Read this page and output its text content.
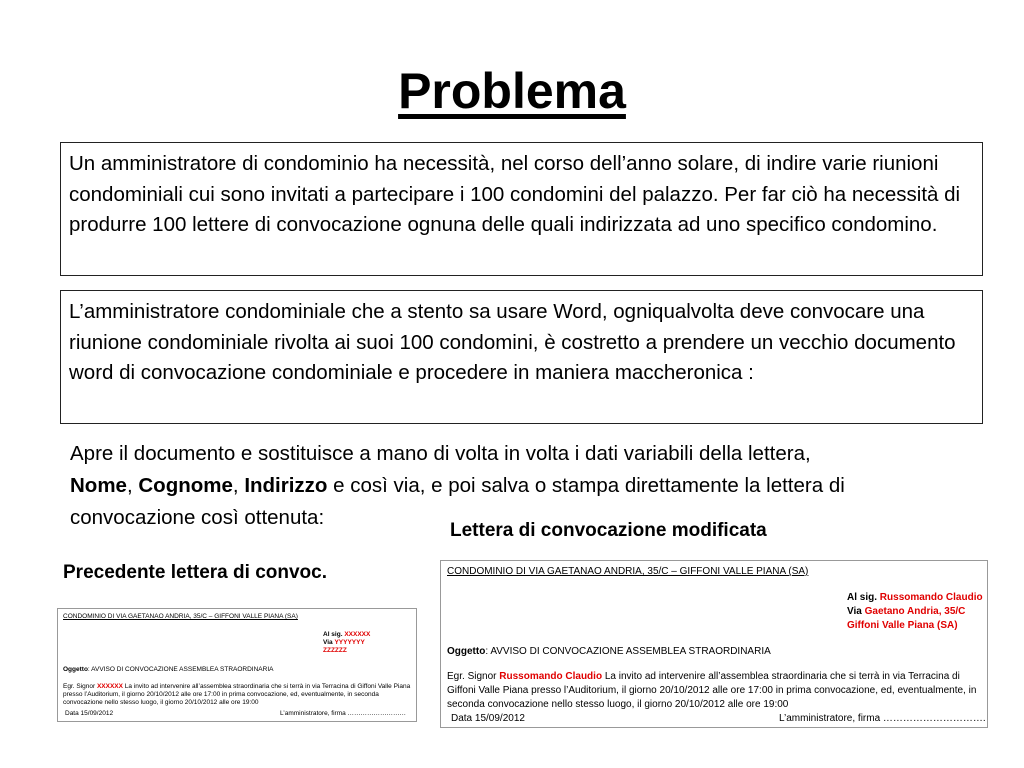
Problema
Un amministratore di condominio ha necessità, nel corso dell’anno solare, di indire varie riunioni condominiali cui sono invitati a partecipare i 100 condomini del palazzo. Per far ciò ha necessità di produrre 100 lettere di convocazione ognuna delle quali indirizzata ad uno specifico condomino.
L’amministratore condominiale che a stento sa usare Word, ogniqualvolta deve convocare una riunione condominiale rivolta ai suoi 100 condomini, è costretto a prendere un vecchio documento word di convocazione condominiale e procedere in maniera maccheronica :
Apre il documento e sostituisce a mano di volta in volta i dati variabili della lettera,
Nome, Cognome, Indirizzo e così via, e poi salva o stampa direttamente la lettera di convocazione così ottenuta:
Lettera di convocazione modificata
Precedente lettera di convoc.
CONDOMINIO DI VIA GAETANAO ANDRIA, 35/C – GIFFONI VALLE PIANA (SA)
Al sig. XXXXXX
Via YYYYYYY
ZZZZZZ
Oggetto: AVVISO DI CONVOCAZIONE ASSEMBLEA STRAORDINARIA
Egr. Signor XXXXXX La invito ad intervenire all’assemblea straordinaria che si terrà in via Terracina di Giffoni Valle Piana presso l’Auditorium, il giorno 20/10/2012 alle ore 17:00 in prima convocazione, ed, eventualmente, in seconda convocazione nello stesso luogo, il giorno 20/10/2012 alle ore 19:00
Data 15/09/2012	L’amministratore, firma ………………………
CONDOMINIO DI VIA GAETANAO ANDRIA, 35/C – GIFFONI VALLE PIANA (SA)
Al sig. Russomando Claudio
Via Gaetano Andria, 35/C
Giffoni Valle Piana (SA)
Oggetto: AVVISO DI CONVOCAZIONE ASSEMBLEA STRAORDINARIA
Egr. Signor Russomando Claudio La invito ad intervenire all’assemblea straordinaria che si terrà in via Terracina di Giffoni Valle Piana presso l’Auditorium, il giorno 20/10/2012 alle ore 17:00 in prima convocazione, ed, eventualmente, in seconda convocazione nello stesso luogo, il giorno 20/10/2012 alle ore 19:00
Data 15/09/2012	L’amministratore, firma ………………………….
